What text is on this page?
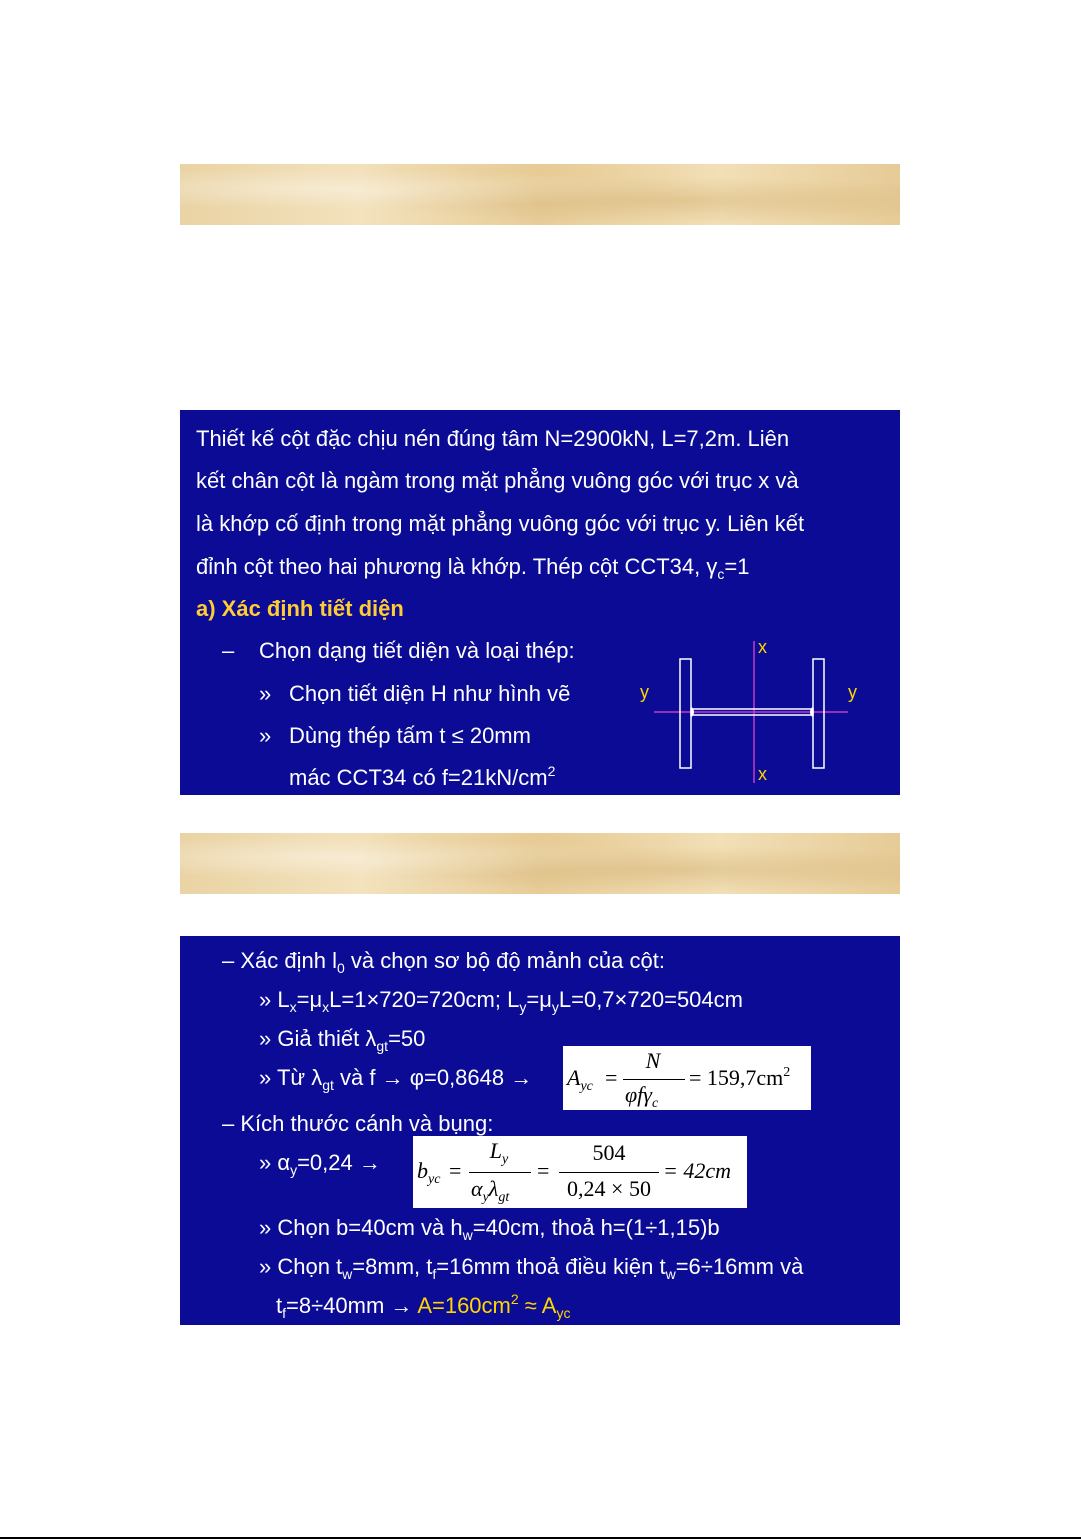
Thiết kế cột đặc chịu nén đúng tâm N=2900kN, L=7,2m. Liên
kết chân cột là ngàm trong mặt phẳng vuông góc với trục x và
là khớp cố định trong mặt phẳng vuông góc với trục y. Liên kết
đỉnh cột theo hai phương là khớp. Thép cột CCT34, $\gamma_c=1$
a) Xác định tiết diện
– Chọn dạng tiết diện và loại thép:
» Chọn tiết diện H như hình vẽ
» Dùng thép tấm t ≤ 20mm
mác CCT34 có $f=21kN/cm^2$
x
x
y	y
– Xác định $l_0$ và chọn sơ bộ độ mảnh của cột:
» $L_x=\mu_xL=1\times 720=720cm$; $L_y=\mu_yL=0,7\times 720=504cm$
» Giả thiết $\lambda_{gt}=50$
» Từ $\lambda_{gt}$ và $f \to \varphi=0,8648 \to A_{yc}$ =
N
φfγ$_c$
= $159,7cm^2$
– Kích thước cánh và bụng:
» $\alpha_y=0,24 \to b_{yc}$ =
$L_y$
$\alpha_y\lambda_{gt}$
=
504
0,24 × 50
= 42cm
» Chọn b=40cm và $h_w=40cm$, thoả h=(1÷1,15)b
» Chọn $t_w=8mm$, $t_f=16mm$ thoả điều kiện $t_w=6\div 16mm$ và
$t_f=8\div 40mm \to A=160cm^2 \approx A_{yc}$
